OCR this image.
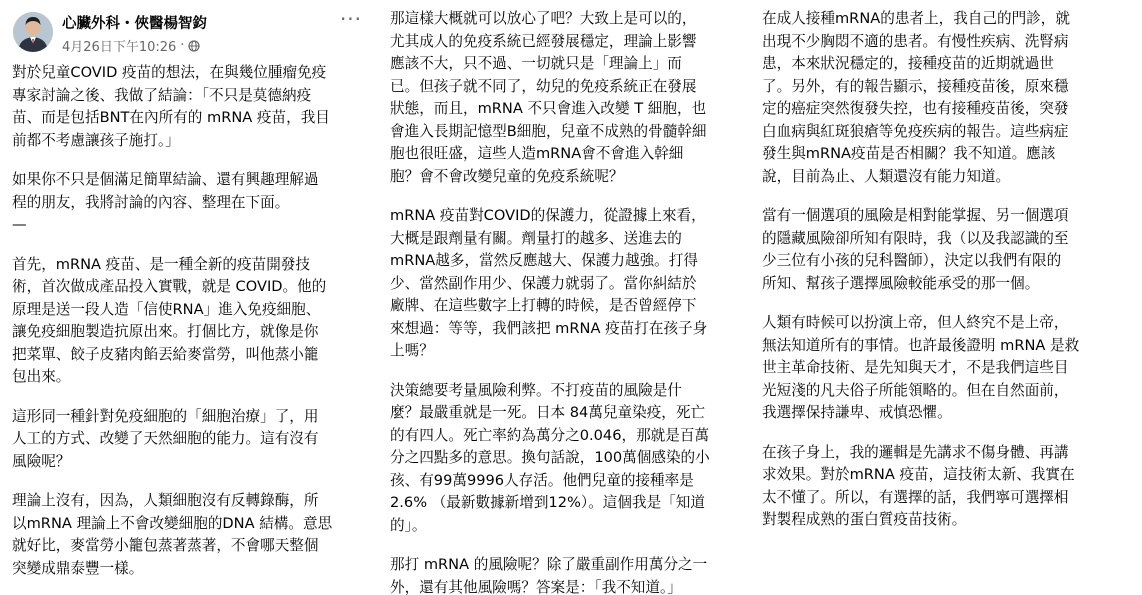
心臟外科・俠醫楊智鈞
4月26日下午10:26 ·
···

對於兒童COVID 疫苗的想法，在與幾位腫瘤免疫
專家討論之後、我做了結論：「不只是莫德納疫
苗、而是包括BNT在內所有的 mRNA 疫苗，我目
前都不考慮讓孩子施打。」

如果你不只是個滿足簡單結論、還有興趣理解過
程的朋友，我將討論的內容、整理在下面。
—

首先，mRNA 疫苗、是一種全新的疫苗開發技
術，首次做成產品投入實戰，就是 COVID。他的
原理是送一段人造「信使RNA」進入免疫細胞、
讓免疫細胞製造抗原出來。打個比方，就像是你
把菜單、餃子皮豬肉餡丟給麥當勞，叫他蒸小籠
包出來。

這形同一種針對免疫細胞的「細胞治療」了，用
人工的方式、改變了天然細胞的能力。這有沒有
風險呢？

理論上沒有，因為，人類細胞沒有反轉錄酶，所
以mRNA 理論上不會改變細胞的DNA 結構。意思
就好比，麥當勞小籠包蒸著蒸著，不會哪天整個
突變成鼎泰豐一樣。

那這樣大概就可以放心了吧？大致上是可以的，
尤其成人的免疫系統已經發展穩定，理論上影響
應該不大，只不過、一切就只是「理論上」而
已。但孩子就不同了，幼兒的免疫系統正在發展
狀態，而且，mRNA 不只會進入改變 T 細胞，也
會進入長期記憶型B細胞，兒童不成熟的骨髓幹細
胞也很旺盛，這些人造mRNA會不會進入幹細
胞？會不會改變兒童的免疫系統呢？

mRNA 疫苗對COVID的保護力，從證據上來看，
大概是跟劑量有關。劑量打的越多、送進去的
mRNA越多，當然反應越大、保護力越強。打得
少、當然副作用少、保護力就弱了。當你糾結於
廠牌、在這些數字上打轉的時候，是否曾經停下
來想過：等等，我們該把 mRNA 疫苗打在孩子身
上嗎？

決策總要考量風險利弊。不打疫苗的風險是什
麼？最嚴重就是一死。日本 84萬兒童染疫，死亡
的有四人。死亡率約為萬分之0.046，那就是百萬
分之四點多的意思。換句話說，100萬個感染的小
孩、有99萬9996人存活。他們兒童的接種率是
2.6% （最新數據新增到12%）。這個我是「知道
的」。

那打 mRNA 的風險呢？除了嚴重副作用萬分之一
外，還有其他風險嗎？答案是：「我不知道。」

在成人接種mRNA的患者上，我自己的門診，就
出現不少胸悶不適的患者。有慢性疾病、洗腎病
患，本來狀況穩定的，接種疫苗的近期就過世
了。另外，有的報告顯示，接種疫苗後，原來穩
定的癌症突然復發失控，也有接種疫苗後，突發
白血病與紅斑狼瘡等免疫疾病的報告。這些病症
發生與mRNA疫苗是否相關？我不知道。應該
說，目前為止、人類還沒有能力知道。

當有一個選項的風險是相對能掌握、另一個選項
的隱藏風險卻所知有限時，我（以及我認識的至
少三位有小孩的兒科醫師），決定以我們有限的
所知、幫孩子選擇風險較能承受的那一個。

人類有時候可以扮演上帝，但人終究不是上帝，
無法知道所有的事情。也許最後證明 mRNA 是救
世主革命技術、是先知與天才，不是我們這些目
光短淺的凡夫俗子所能領略的。但在自然面前，
我選擇保持謙卑、戒慎恐懼。

在孩子身上，我的邏輯是先講求不傷身體、再講
求效果。對於mRNA 疫苗，這技術太新、我實在
太不懂了。所以，有選擇的話，我們寧可選擇相
對製程成熟的蛋白質疫苗技術。
